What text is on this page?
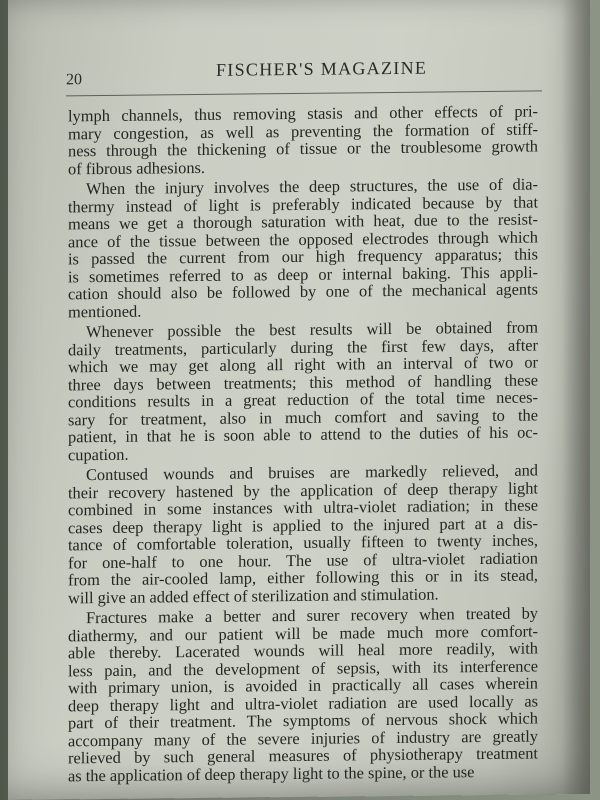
20	FISCHER'S MAGAZINE
lymph channels, thus removing stasis and other effects of pri-
mary congestion, as well as preventing the formation of stiff-
ness through the thickening of tissue or the troublesome growth
of fibrous adhesions.
When the injury involves the deep structures, the use of dia-
thermy instead of light is preferably indicated because by that
means we get a thorough saturation with heat, due to the resist-
ance of the tissue between the opposed electrodes through which
is passed the current from our high frequency apparatus; this
is sometimes referred to as deep or internal baking. This appli-
cation should also be followed by one of the mechanical agents
mentioned.
Whenever possible the best results will be obtained from
daily treatments, particularly during the first few days, after
which we may get along all right with an interval of two or
three days between treatments; this method of handling these
conditions results in a great reduction of the total time neces-
sary for treatment, also in much comfort and saving to the
patient, in that he is soon able to attend to the duties of his oc-
cupation.
Contused wounds and bruises are markedly relieved, and
their recovery hastened by the application of deep therapy light
combined in some instances with ultra-violet radiation; in these
cases deep therapy light is applied to the injured part at a dis-
tance of comfortable toleration, usually fifteen to twenty inches,
for one-half to one hour. The use of ultra-violet radiation
from the air-cooled lamp, either following this or in its stead,
will give an added effect of sterilization and stimulation.
Fractures make a better and surer recovery when treated by
diathermy, and our patient will be made much more comfort-
able thereby. Lacerated wounds will heal more readily, with
less pain, and the development of sepsis, with its interference
with primary union, is avoided in practically all cases wherein
deep therapy light and ultra-violet radiation are used locally as
part of their treatment. The symptoms of nervous shock which
accompany many of the severe injuries of industry are greatly
relieved by such general measures of physiotherapy treatment
as the application of deep therapy light to the spine, or the use
